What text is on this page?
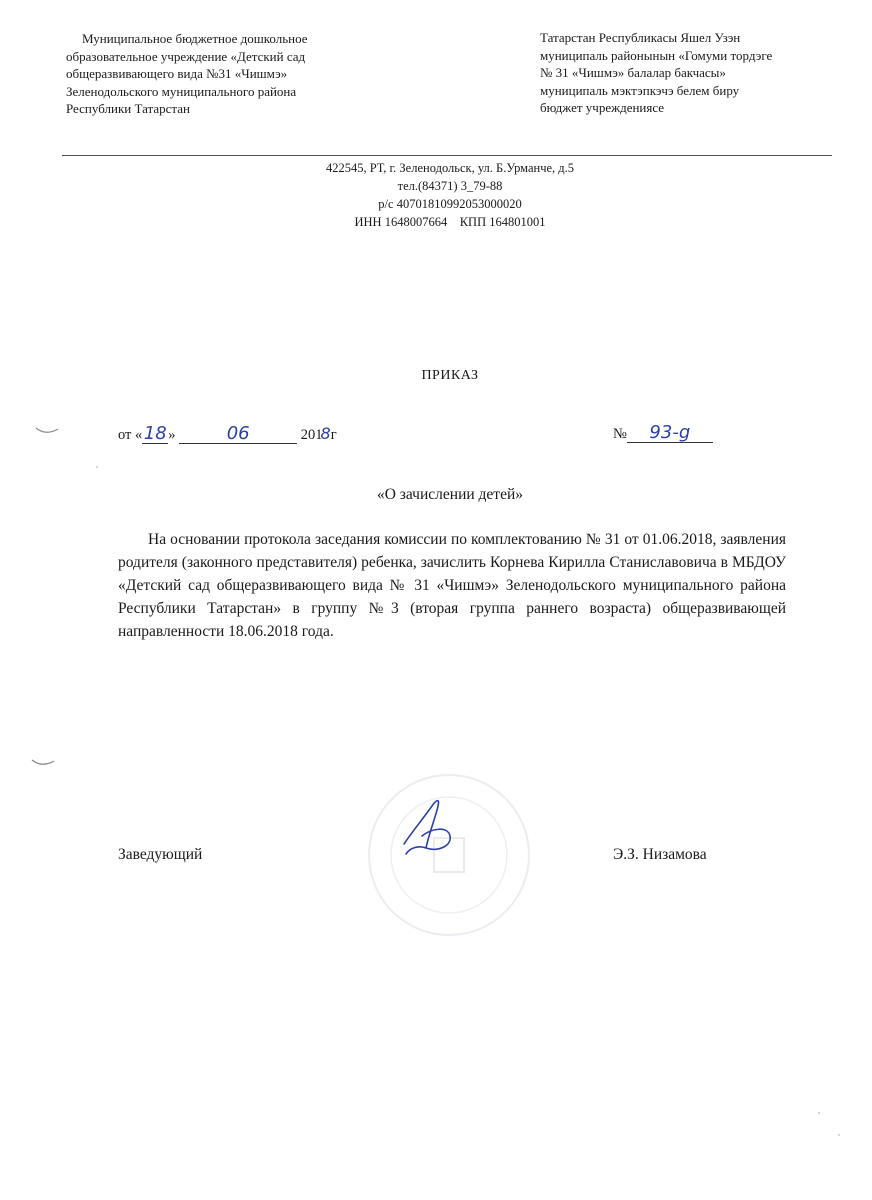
Муниципальное бюджетное дошкольное
образовательное учреждение «Детский сад
общеразвивающего вида №31 «Чишмэ»
Зеленодольского муниципального района
Республики Татарстан
Татарстан Республикасы Яшел Узэн
муниципаль районынын «Гомуми тордэге
№ 31 «Чишмэ» балалар бакчасы»
муниципаль мэктэпкэчэ белем биру
бюджет учреждениясе
422545, РТ, г. Зеленодольск, ул. Б.Урманче, д.5
тел.(84371) 3_79-88
р/с 40701810992053000020
ИНН 1648007664    КПП 164801001
ПРИКАЗ
от «18 »	06	2018г	№ 93-g
«О зачислении детей»
На основании протокола заседания комиссии по комплектованию № 31 от 01.06.2018, заявления родителя (законного представителя) ребенка, зачислить Корнева Кирилла Станиславовича в МБДОУ «Детский сад общеразвивающего вида № 31 «Чишмэ» Зеленодольского муниципального района Республики Татарстан» в группу №3 (вторая группа раннего возраста) общеразвивающей направленности 18.06.2018 года.
Заведующий	Э.З. Низамова
